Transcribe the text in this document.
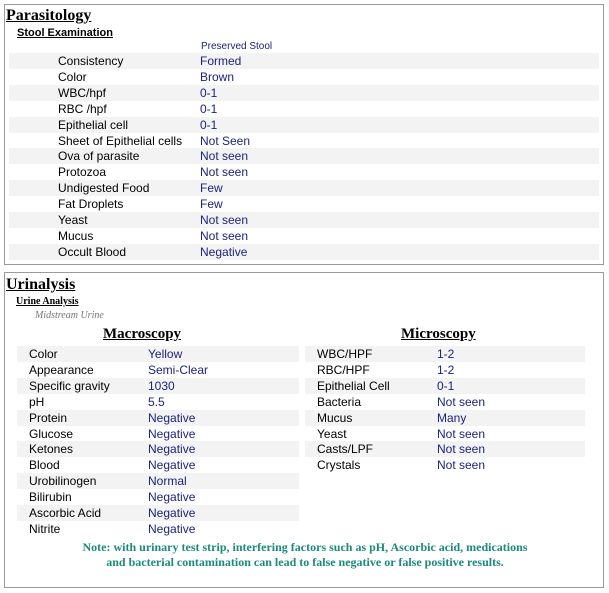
Parasitology
Stool Examination
Preserved Stool
Consistency	Formed
Color	Brown
WBC/hpf	0-1
RBC /hpf	0-1
Epithelial cell	0-1
Sheet of Epithelial cells Not Seen
Ova of parasite	Not seen
Protozoa	Not seen
Undigested Food	Few
Fat Droplets	Few
Yeast	Not seen
Mucus	Not seen
Occult Blood	Negative
Urinalysis
Urine Analysis
Midstream Urine
Macroscopy	Microscopy
Color	Yellow
Appearance	Semi-Clear
Specific gravity	1030
pH	5.5
Protein	Negative
Glucose	Negative
Ketones	Negative
Blood	Negative
Urobilinogen	Normal
Bilirubin	Negative
Ascorbic Acid	Negative
Nitrite	Negative
WBC/HPF	1-2
RBC/HPF	1-2
Epithelial Cell	0-1
Bacteria	Not seen
Mucus	Many
Yeast	Not seen
Casts/LPF	Not seen
Crystals	Not seen
Note: with urinary test strip, interfering factors such as pH, Ascorbic acid, medications and bacterial contamination can lead to false negative or false positive results.
